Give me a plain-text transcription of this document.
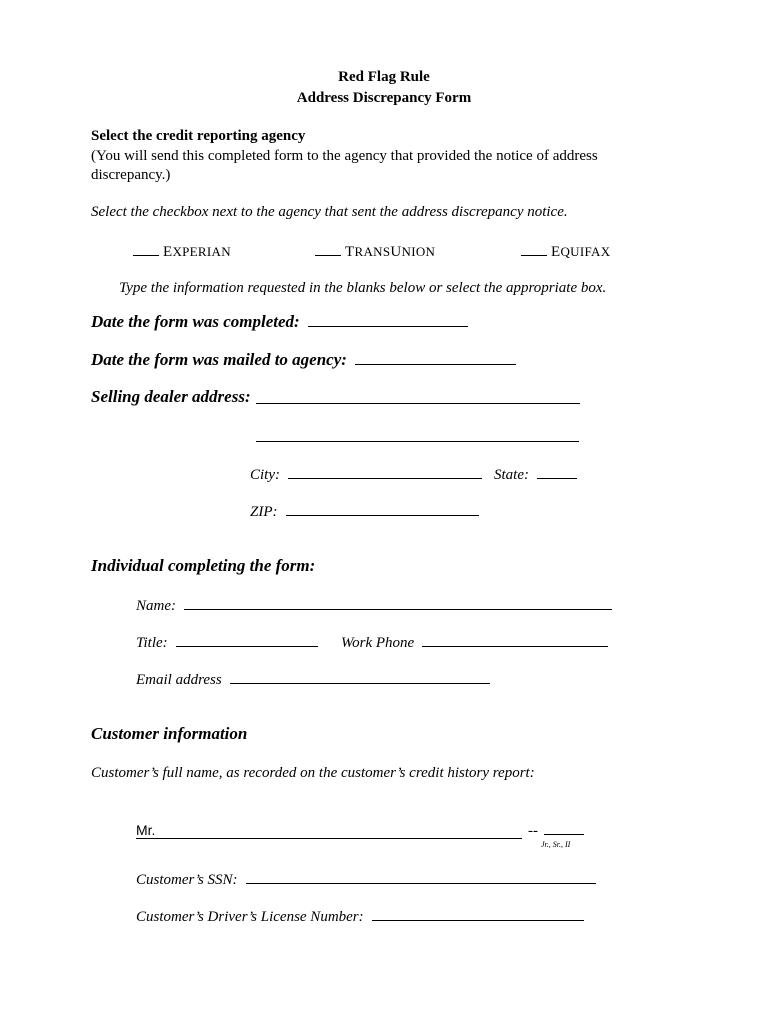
Red Flag Rule
Address Discrepancy Form
Select the credit reporting agency
(You will send this completed form to the agency that provided the notice of address
discrepancy.)
Select the checkbox next to the agency that sent the address discrepancy notice.
EXPERIAN	TRANSUNION	EQUIFAX
Type the information requested in the blanks below or select the appropriate box.
Date the form was completed:
Date the form was mailed to agency:
Selling dealer address:
City:	State:
ZIP:
Individual completing the form:
Name:
Title:	Work Phone
Email address
Customer information
Customer’s full name, as recorded on the customer’s credit history report:
Mr.	--
Jr., Sr., II
Customer’s SSN:
Customer’s Driver’s License Number:
